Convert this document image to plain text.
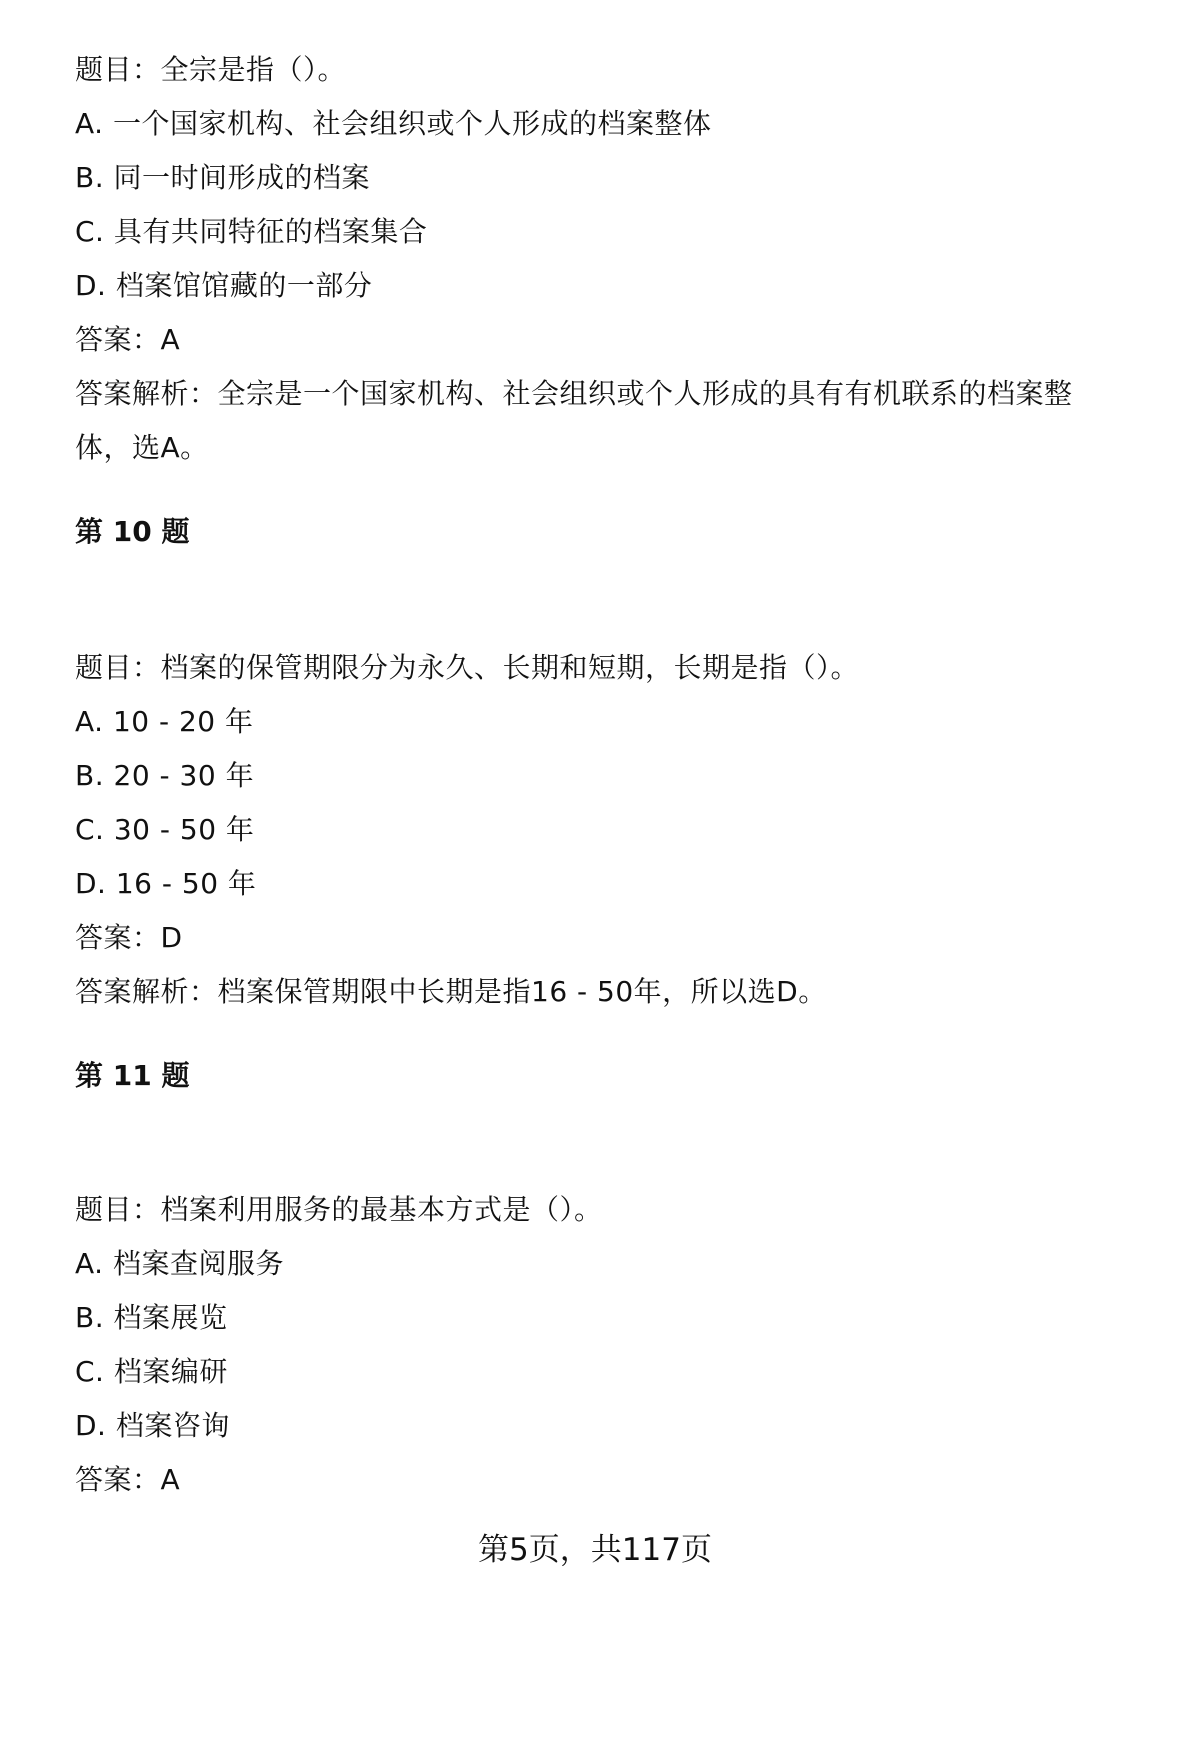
题目：全宗是指（）。
A. 一个国家机构、社会组织或个人形成的档案整体
B. 同一时间形成的档案
C. 具有共同特征的档案集合
D. 档案馆馆藏的一部分
答案：A
答案解析：全宗是一个国家机构、社会组织或个人形成的具有有机联系的档案整
体，选A。
第 10 题
题目：档案的保管期限分为永久、长期和短期，长期是指（）。
A. 10 - 20 年
B. 20 - 30 年
C. 30 - 50 年
D. 16 - 50 年
答案：D
答案解析：档案保管期限中长期是指16 - 50年，所以选D。
第 11 题
题目：档案利用服务的最基本方式是（）。
A. 档案查阅服务
B. 档案展览
C. 档案编研
D. 档案咨询
答案：A
第5页，共117页
